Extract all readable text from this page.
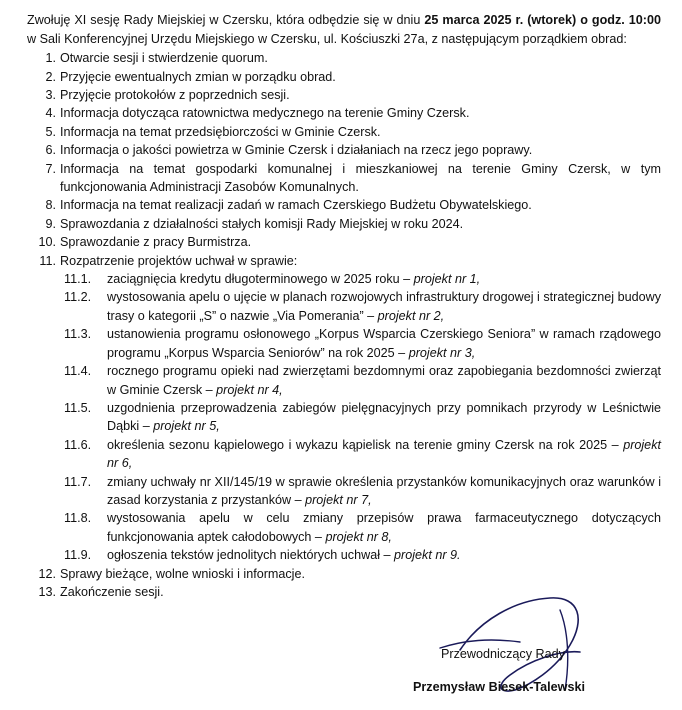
Zwołuję XI sesję Rady Miejskiej w Czersku, która odbędzie się w dniu 25 marca 2025 r. (wtorek) o godz. 10:00 w Sali Konferencyjnej Urzędu Miejskiego w Czersku, ul. Kościuszki 27a, z następującym porządkiem obrad:
1. Otwarcie sesji i stwierdzenie quorum.
2. Przyjęcie ewentualnych zmian w porządku obrad.
3. Przyjęcie protokołów z poprzednich sesji.
4. Informacja dotycząca ratownictwa medycznego na terenie Gminy Czersk.
5. Informacja na temat przedsiębiorczości w Gminie Czersk.
6. Informacja o jakości powietrza w Gminie Czersk i działaniach na rzecz jego poprawy.
7. Informacja na temat gospodarki komunalnej i mieszkaniowej na terenie Gminy Czersk, w tym funkcjonowania Administracji Zasobów Komunalnych.
8. Informacja na temat realizacji zadań w ramach Czerskiego Budżetu Obywatelskiego.
9. Sprawozdania z działalności stałych komisji Rady Miejskiej w roku 2024.
10. Sprawozdanie z pracy Burmistrza.
11. Rozpatrzenie projektów uchwał w sprawie:
11.1.	zaciągnięcia kredytu długoterminowego w 2025 roku – projekt nr 1,
11.2.	wystosowania apelu o ujęcie w planach rozwojowych infrastruktury drogowej i strategicznej budowy trasy o kategorii „S” o nazwie „Via Pomerania” – projekt nr 2,
11.3.	ustanowienia programu osłonowego „Korpus Wsparcia Czerskiego Seniora” w ramach rządowego programu „Korpus Wsparcia Seniorów” na rok 2025 – projekt nr 3,
11.4.	rocznego programu opieki nad zwierzętami bezdomnymi oraz zapobiegania bezdomności zwierząt w Gminie Czersk – projekt nr 4,
11.5.	uzgodnienia przeprowadzenia zabiegów pielęgnacyjnych przy pomnikach przyrody w Leśnictwie Dąbki – projekt nr 5,
11.6.	określenia sezonu kąpielowego i wykazu kąpielisk na terenie gminy Czersk na rok 2025 – projekt nr 6,
11.7.	zmiany uchwały nr XII/145/19 w sprawie określenia przystanków komunikacyjnych oraz warunków i zasad korzystania z przystanków – projekt nr 7,
11.8.	wystosowania apelu w celu zmiany przepisów prawa farmaceutycznego dotyczących funkcjonowania aptek całodobowych – projekt nr 8,
11.9.	ogłoszenia tekstów jednolitych niektórych uchwał – projekt nr 9.
12. Sprawy bieżące, wolne wnioski i informacje.
13. Zakończenie sesji.
Przewodniczący Rady
Przemysław Biesek-Talewski
